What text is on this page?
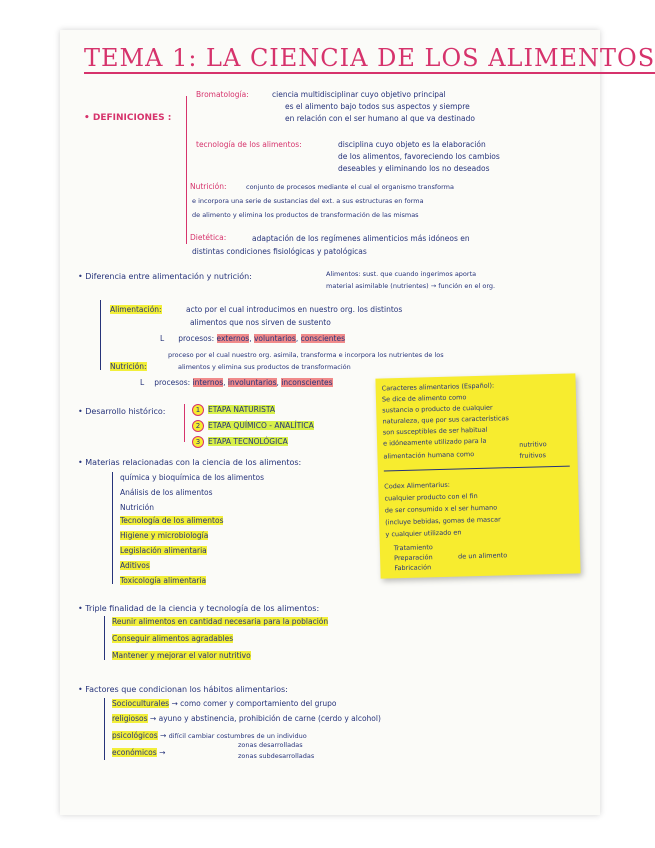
TEMA 1: LA CIENCIA DE LOS ALIMENTOS
• DEFINICIONES :
Bromatología:	ciencia multidisciplinar cuyo objetivo principal
es el alimento bajo todos sus aspectos y siempre
en relación con el ser humano al que va destinado
tecnología de los alimentos:	disciplina cuyo objeto es la elaboración
de los alimentos, favoreciendo los cambios
deseables y eliminando los no deseados
Nutrición:	conjunto de procesos mediante el cual el organismo transforma
e incorpora una serie de sustancias del ext. a sus estructuras en forma
de alimento y elimina los productos de transformación de las mismas
Dietética:	adaptación de los regímenes alimenticios más idóneos en
distintas condiciones fisiológicas y patológicas
• Diferencia entre alimentación y nutrición:	Alimentos: sust. que cuando ingerimos aporta
material asimilable (nutrientes) → función en el org.
Alimentación:	acto por el cual introducimos en nuestro org. los distintos
alimentos que nos sirven de sustento
L procesos: externos, voluntarios, conscientes
Nutrición:
proceso por el cual nuestro org. asimila, transforma e incorpora los nutrientes de los
alimentos y elimina sus productos de transformación
L procesos: internos, involuntarios, inconscientes
• Desarrollo histórico:	1 ETAPA NATURISTA
2 ETAPA QUÍMICO - ANALÍTICA
3 ETAPA TECNOLÓGICA
• Materias relacionadas con la ciencia de los alimentos:
química y bioquímica de los alimentos
Análisis de los alimentos
Nutrición
Tecnología de los alimentos
Higiene y microbiología
Legislación alimentaria
Aditivos
Toxicología alimentaria
Caracteres alimentarios (Español):
Se dice de alimento como
sustancia o producto de cualquier
naturaleza, que por sus características
son susceptibles de ser habitual
e idóneamente utilizado para la
alimentación humana como
nutritivo
fruitivos
Codex Alimentarius:
cualquier producto con el fin
de ser consumido x el ser humano
(incluye bebidas, gomas de mascar
y cualquier utilizado en
Tratamiento
Preparación
Fabricación
de un alimento
• Triple finalidad de la ciencia y tecnología de los alimentos:
Reunir alimentos en cantidad necesaria para la población
Conseguir alimentos agradables
Mantener y mejorar el valor nutritivo
• Factores que condicionan los hábitos alimentarios:
Socioculturales → como comer y comportamiento del grupo
religiosos → ayuno y abstinencia, prohibición de carne (cerdo y alcohol)
psicológicos → difícil cambiar costumbres de un individuo
económicos →
zonas desarrolladas
zonas subdesarrolladas
